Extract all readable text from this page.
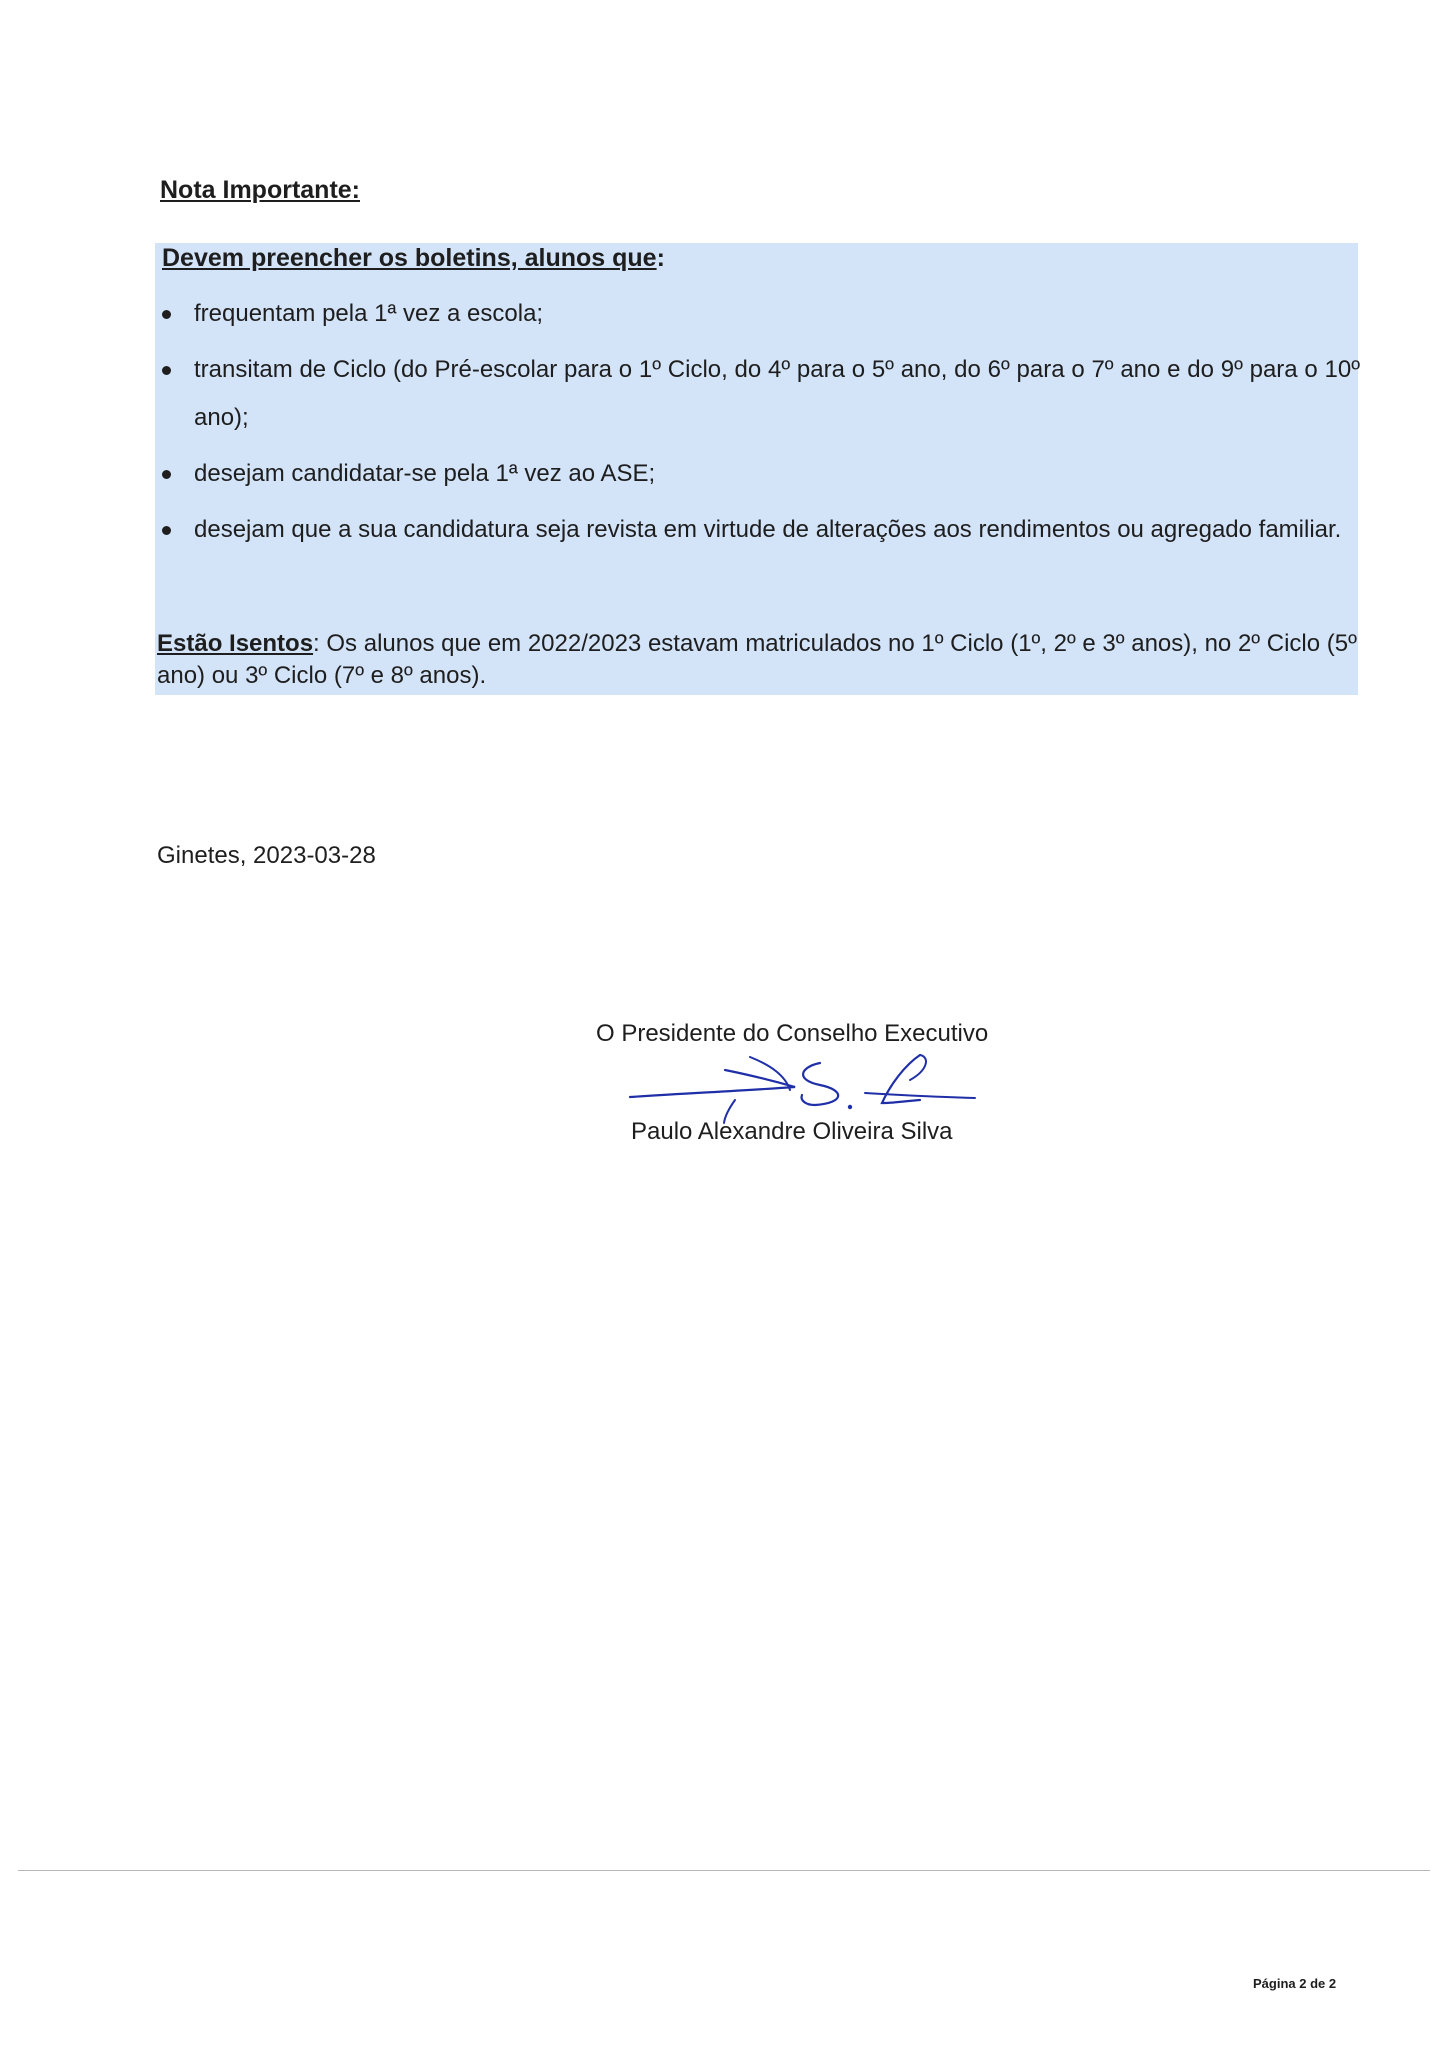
Nota Importante:
Devem preencher os boletins, alunos que:
frequentam pela 1ª vez a escola;
transitam de Ciclo (do Pré-escolar para o 1º Ciclo, do 4º para o 5º ano, do 6º para o 7º ano e do 9º para o 10º ano);
desejam candidatar-se pela 1ª vez ao ASE;
desejam que a sua candidatura seja revista em virtude de alterações aos rendimentos ou agregado familiar.

Estão Isentos: Os alunos que em 2022/2023 estavam matriculados no 1º Ciclo (1º, 2º e 3º anos), no 2º Ciclo (5º ano) ou 3º Ciclo (7º e 8º anos).

Ginetes, 2023-03-28

O Presidente do Conselho Executivo

Paulo Alexandre Oliveira Silva

Página 2 de 2
